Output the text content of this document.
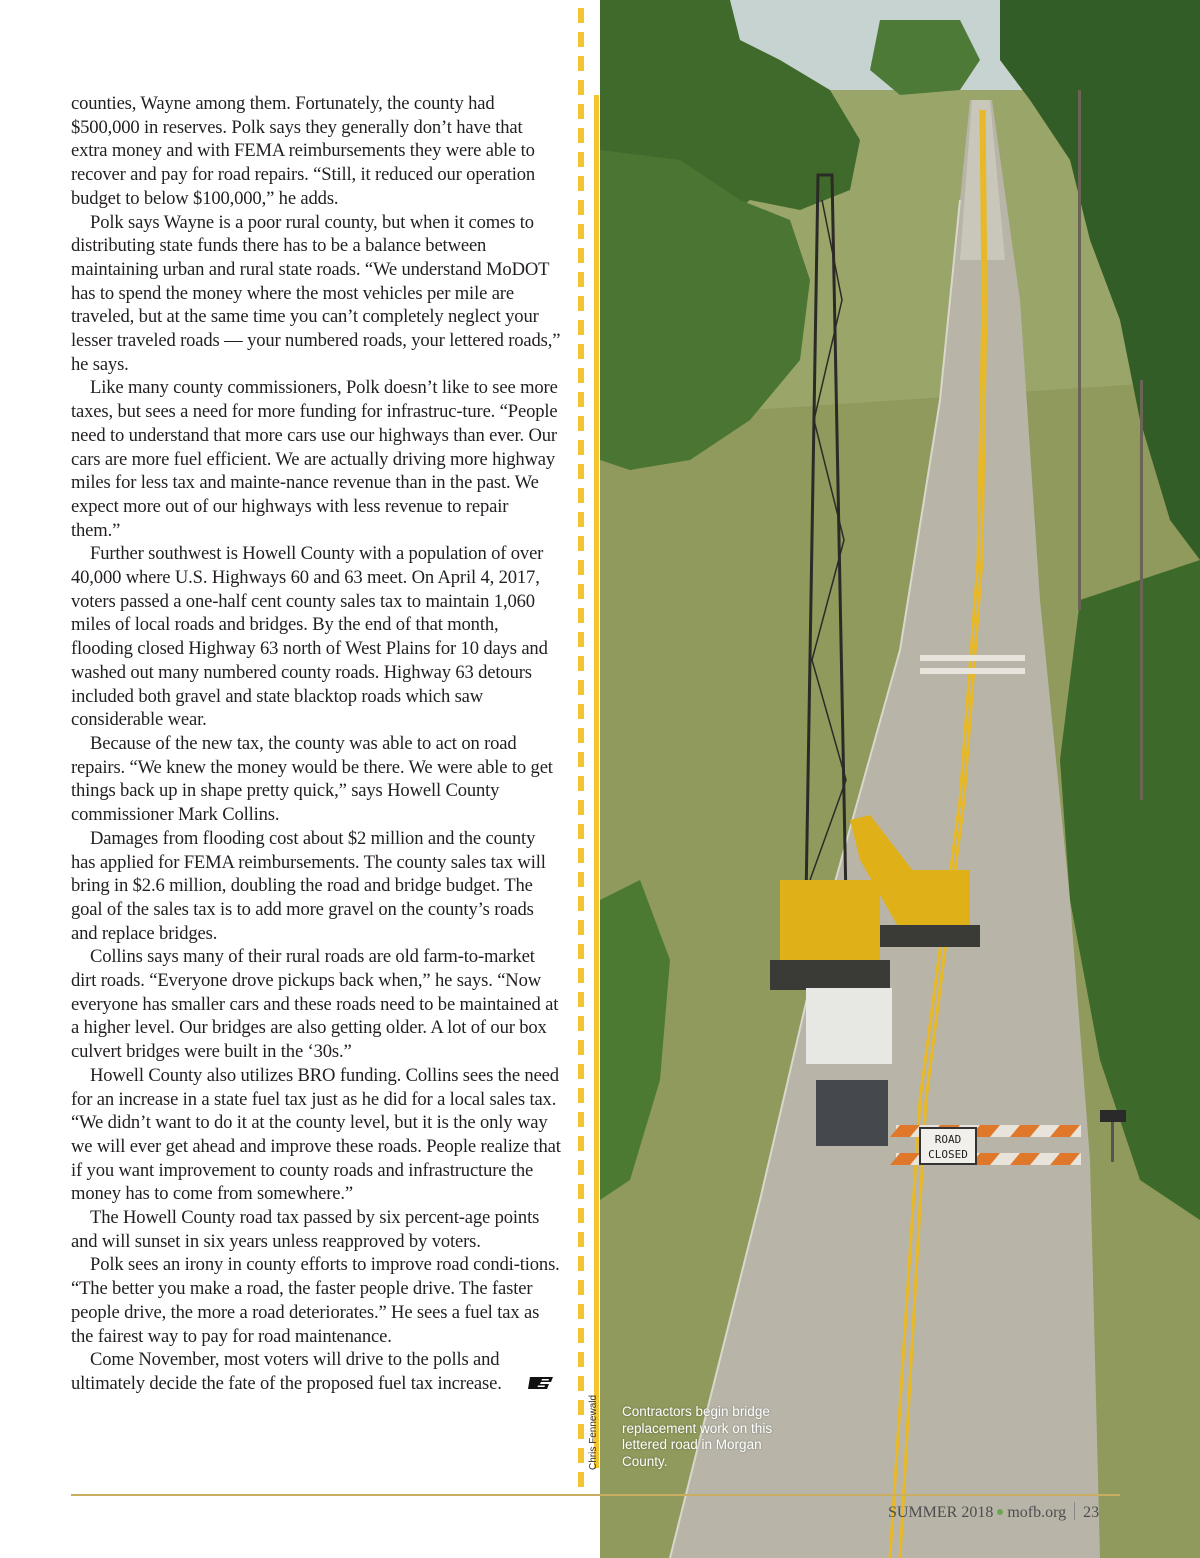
counties, Wayne among them. Fortunately, the county had $500,000 in reserves. Polk says they generally don’t have that extra money and with FEMA reimbursements they were able to recover and pay for road repairs. “Still, it reduced our operation budget to below $100,000,” he adds.

Polk says Wayne is a poor rural county, but when it comes to distributing state funds there has to be a balance between maintaining urban and rural state roads. “We understand MoDOT has to spend the money where the most vehicles per mile are traveled, but at the same time you can’t completely neglect your lesser traveled roads — your numbered roads, your lettered roads,” he says.

Like many county commissioners, Polk doesn’t like to see more taxes, but sees a need for more funding for infrastruc-ture. “People need to understand that more cars use our highways than ever. Our cars are more fuel efficient. We are actually driving more highway miles for less tax and mainte-nance revenue than in the past. We expect more out of our highways with less revenue to repair them.”

Further southwest is Howell County with a population of over 40,000 where U.S. Highways 60 and 63 meet. On April 4, 2017, voters passed a one-half cent county sales tax to maintain 1,060 miles of local roads and bridges. By the end of that month, flooding closed Highway 63 north of West Plains for 10 days and washed out many numbered county roads. Highway 63 detours included both gravel and state blacktop roads which saw considerable wear.

Because of the new tax, the county was able to act on road repairs. “We knew the money would be there. We were able to get things back up in shape pretty quick,” says Howell County commissioner Mark Collins.

Damages from flooding cost about $2 million and the county has applied for FEMA reimbursements. The county sales tax will bring in $2.6 million, doubling the road and bridge budget. The goal of the sales tax is to add more gravel on the county’s roads and replace bridges.

Collins says many of their rural roads are old farm-to-market dirt roads. “Everyone drove pickups back when,” he says. “Now everyone has smaller cars and these roads need to be maintained at a higher level. Our bridges are also getting older. A lot of our box culvert bridges were built in the ‘30s.”

Howell County also utilizes BRO funding. Collins sees the need for an increase in a state fuel tax just as he did for a local sales tax. “We didn’t want to do it at the county level, but it is the only way we will ever get ahead and improve these roads. People realize that if you want improvement to county roads and infrastructure the money has to come from somewhere.”

The Howell County road tax passed by six percent-age points and will sunset in six years unless reapproved by voters.

Polk sees an irony in county efforts to improve road condi-tions. “The better you make a road, the faster people drive. The faster people drive, the more a road deteriorates.” He sees a fuel tax as the fairest way to pay for road maintenance.

Come November, most voters will drive to the polls and ultimately decide the fate of the proposed fuel tax increase.

ROAD
CLOSED
Chris Fennewald Contractors begin bridge replacement work on this lettered road in Morgan County.
SUMMER 2018 mofb.org 23
